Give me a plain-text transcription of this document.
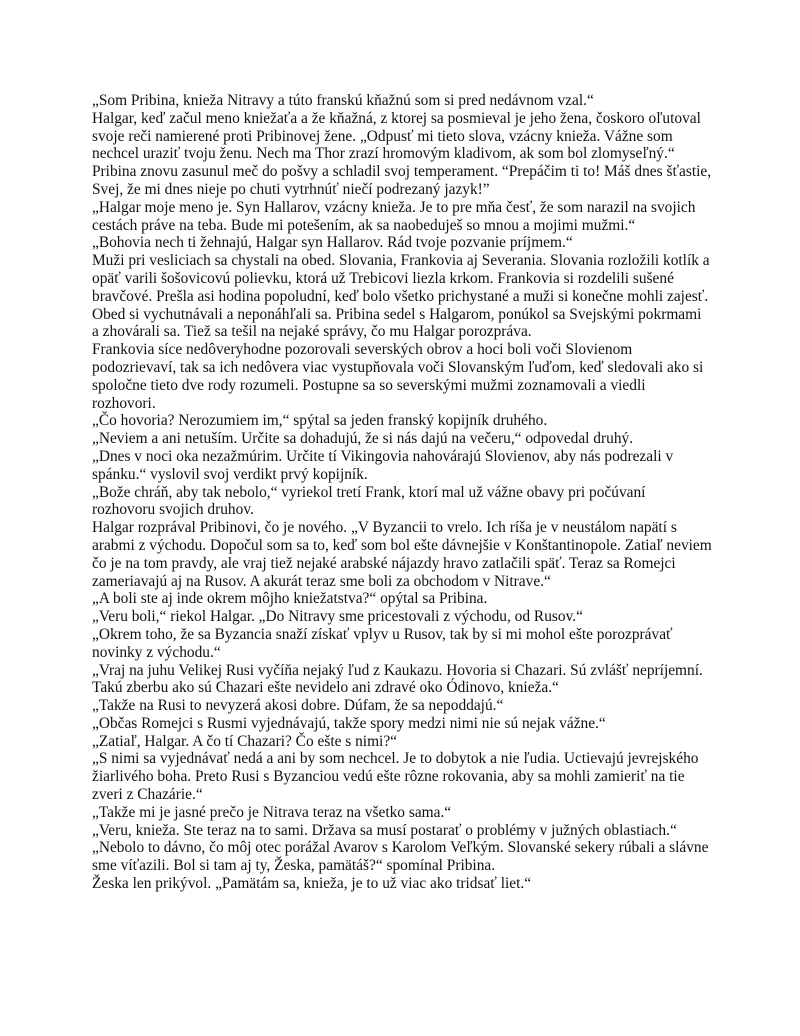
„Som Pribina, knieža Nitravy a túto franskú kňažnú som si pred nedávnom vzal.“

Halgar, keď začul meno kniežaťa a že kňažná, z ktorej sa posmieval je jeho žena, čoskoro oľutoval svoje reči namierené proti Pribinovej žene. „Odpusť mi tieto slova, vzácny knieža. Vážne som nechcel uraziť tvoju ženu. Nech ma Thor zrazí hromovým kladivom, ak som bol zlomyseľný.“

Pribina znovu zasunul meč do pošvy a schladil svoj temperament. “Prepáčim ti to! Máš dnes šťastie, Svej, že mi dnes nieje po chuti vytrhnúť niečí podrezaný jazyk!”

„Halgar moje meno je. Syn Hallarov, vzácny knieža. Je to pre mňa česť, že som narazil na svojich cestách práve na teba. Bude mi potešením, ak sa naobeduješ so mnou a mojimi mužmi.“

„Bohovia nech ti žehnajú, Halgar syn Hallarov. Rád tvoje pozvanie príjmem.“

Muži pri vesliciach sa chystali na obed. Slovania, Frankovia aj Severania. Slovania rozložili kotlík a opäť varili šošovicovú polievku, ktorá už Trebicovi liezla krkom. Frankovia si rozdelili sušené bravčové. Prešla asi hodina popoludní, keď bolo všetko prichystané a muži si konečne mohli zajesť. Obed si vychutnávali a neponáhľali sa. Pribina sedel s Halgarom, ponúkol sa Svejskými pokrmami a zhovárali sa. Tiež sa tešil na nejaké správy, čo mu Halgar porozpráva.

Frankovia síce nedôveryhodne pozorovali severských obrov a hoci boli voči Slovienom podozrievaví, tak sa ich nedôvera viac vystupňovala voči Slovanským ľuďom, keď sledovali ako si spoločne tieto dve rody rozumeli. Postupne sa so severskými mužmi zoznamovali a viedli rozhovori.

„Čo hovoria? Nerozumiem im,“ spýtal sa jeden franský kopijník druhého.

„Neviem a ani netuším. Určite sa dohadujú, že si nás dajú na večeru,“ odpovedal druhý.

„Dnes v noci oka nezažmúrim. Určite tí Vikingovia nahovárajú Slovienov, aby nás podrezali v spánku.“ vyslovil svoj verdikt prvý kopijník.

„Bože chráň, aby tak nebolo,“ vyriekol tretí Frank, ktorí mal už vážne obavy pri počúvaní rozhovoru svojich druhov.

Halgar rozprával Pribinovi, čo je nového. „V Byzancii to vrelo. Ich ríša je v neustálom napätí s arabmi z východu. Dopočul som sa to, keď som bol ešte dávnejšie v Konštantinopole. Zatiaľ neviem čo je na tom pravdy, ale vraj tiež nejaké arabské nájazdy hravo zatlačili späť. Teraz sa Romejci zameriavajú aj na Rusov. A akurát teraz sme boli za obchodom v Nitrave.“

„A boli ste aj inde okrem môjho kniežatstva?“ opýtal sa Pribina.

„Veru boli,“ riekol Halgar. „Do Nitravy sme pricestovali z východu, od Rusov.“

„Okrem toho, že sa Byzancia snaží získať vplyv u Rusov, tak by si mi mohol ešte porozprávať novinky z východu.“

„Vraj na juhu Velikej Rusi vyčíňa nejaký ľud z Kaukazu. Hovoria si Chazari. Sú zvlášť nepríjemní. Takú zberbu ako sú Chazari ešte nevidelo ani zdravé oko Ódinovo, knieža.“

„Takže na Rusi to nevyzerá akosi dobre. Dúfam, že sa nepoddajú.“

„Občas Romejci s Rusmi vyjednávajú, takže spory medzi nimi nie sú nejak vážne.“

„Zatiaľ, Halgar. A čo tí Chazari? Čo ešte s nimi?“

„S nimi sa vyjednávať nedá a ani by som nechcel. Je to dobytok a nie ľudia. Uctievajú jevrejského žiarlivého boha. Preto Rusi s Byzanciou vedú ešte rôzne rokovania, aby sa mohli zamieriť na tie zveri z Chazárie.“

„Takže mi je jasné prečo je Nitrava teraz na všetko sama.“

„Veru, knieža. Ste teraz na to sami. Država sa musí postarať o problémy v južných oblastiach.“

„Nebolo to dávno, čo môj otec porážal Avarov s Karolom Veľkým. Slovanské sekery rúbali a slávne sme víťazili. Bol si tam aj ty, Žeska, pamätáš?“ spomínal Pribina.

Žeska len prikývol. „Pamätám sa, knieža, je to už viac ako tridsať liet.“
